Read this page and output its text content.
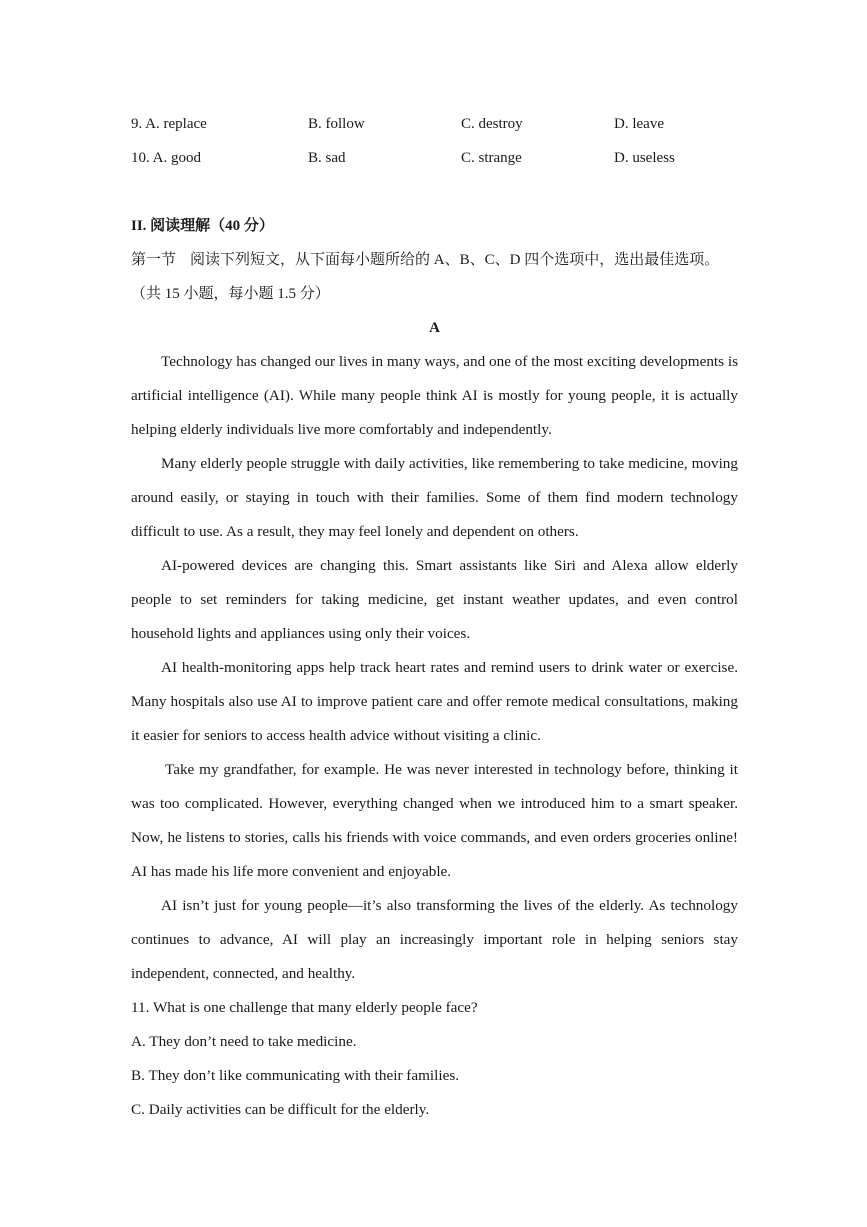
9. A. replace	B. follow	C. destroy	D. leave
10. A. good	B. sad	C. strange	D. useless
II. 阅读理解（40 分）
第一节 阅读下列短文，从下面每小题所给的 A、B、C、D 四个选项中，选出最佳选项。
（共 15 小题，每小题 1.5 分）
A

Technology has changed our lives in many ways, and one of the most exciting developments is artificial intelligence (AI). While many people think AI is mostly for young people, it is actually helping elderly individuals live more comfortably and independently.

Many elderly people struggle with daily activities, like remembering to take medicine, moving around easily, or staying in touch with their families. Some of them find modern technology difficult to use. As a result, they may feel lonely and dependent on others.

AI-powered devices are changing this. Smart assistants like Siri and Alexa allow elderly people to set reminders for taking medicine, get instant weather updates, and even control household lights and appliances using only their voices.

AI health-monitoring apps help track heart rates and remind users to drink water or exercise. Many hospitals also use AI to improve patient care and offer remote medical consultations, making it easier for seniors to access health advice without visiting a clinic.

Take my grandfather, for example. He was never interested in technology before, thinking it was too complicated. However, everything changed when we introduced him to a smart speaker. Now, he listens to stories, calls his friends with voice commands, and even orders groceries online! AI has made his life more convenient and enjoyable.

AI isn’t just for young people—it’s also transforming the lives of the elderly. As technology continues to advance, AI will play an increasingly important role in helping seniors stay independent, connected, and healthy.

11. What is one challenge that many elderly people face?

A. They don’t need to take medicine.

B. They don’t like communicating with their families.

C. Daily activities can be difficult for the elderly.
